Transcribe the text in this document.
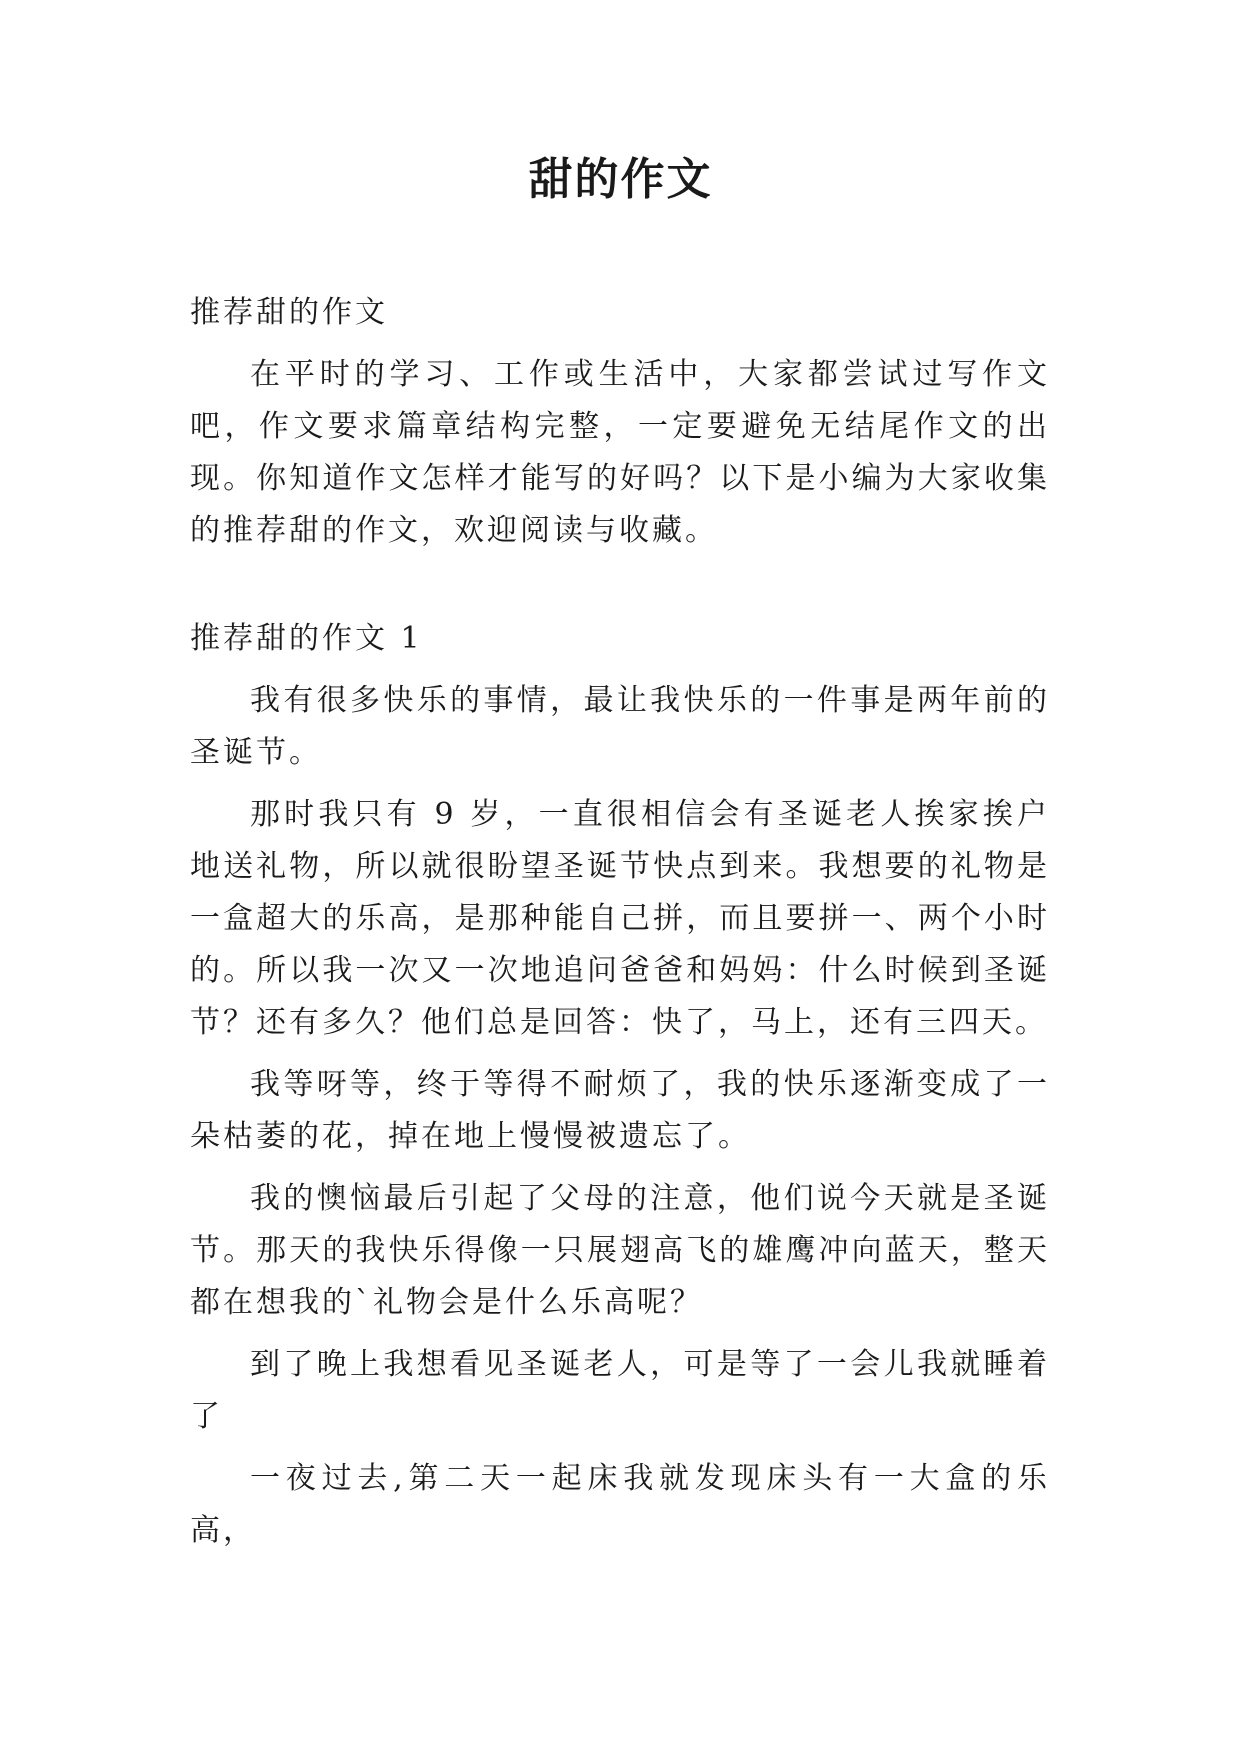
甜的作文

推荐甜的作文

在平时的学习、工作或生活中，大家都尝试过写作文吧，作文要求篇章结构完整，一定要避免无结尾作文的出现。你知道作文怎样才能写的好吗？以下是小编为大家收集的推荐甜的作文，欢迎阅读与收藏。

推荐甜的作文 1

我有很多快乐的事情，最让我快乐的一件事是两年前的圣诞节。

那时我只有 9 岁，一直很相信会有圣诞老人挨家挨户地送礼物，所以就很盼望圣诞节快点到来。我想要的礼物是一盒超大的乐高，是那种能自己拼，而且要拼一、两个小时的。所以我一次又一次地追问爸爸和妈妈：什么时候到圣诞节？还有多久？他们总是回答：快了，马上，还有三四天。

我等呀等，终于等得不耐烦了，我的快乐逐渐变成了一朵枯萎的花，掉在地上慢慢被遗忘了。

我的懊恼最后引起了父母的注意，他们说今天就是圣诞节。那天的我快乐得像一只展翅高飞的雄鹰冲向蓝天，整天都在想我的`礼物会是什么乐高呢？

到了晚上我想看见圣诞老人，可是等了一会儿我就睡着了

一夜过去,第二天一起床我就发现床头有一大盒的乐高，
